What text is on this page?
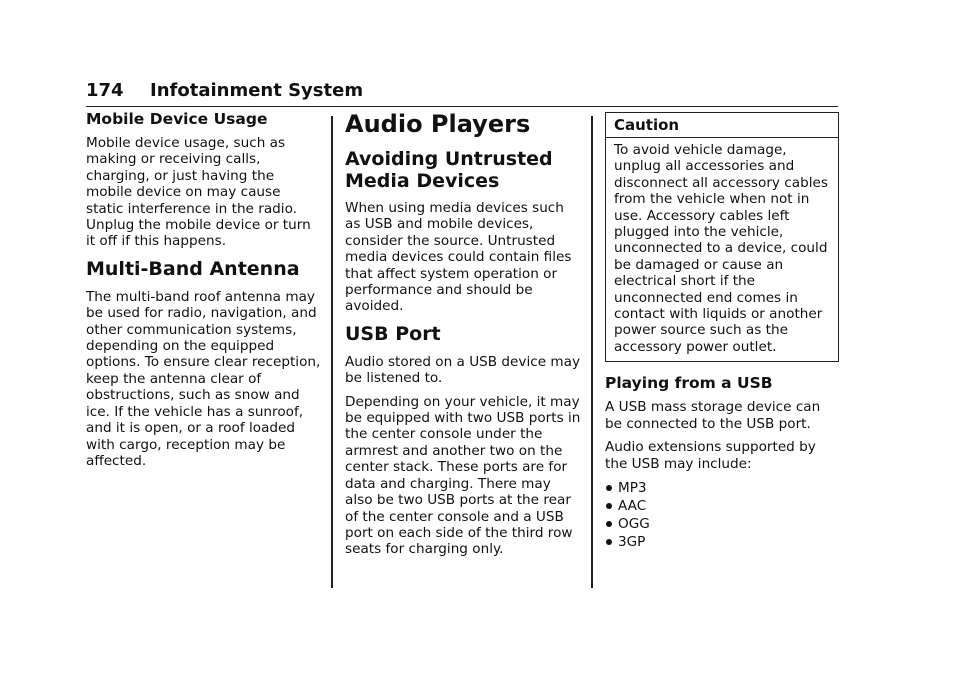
174 Infotainment System
Mobile Device Usage

Mobile device usage, such as making or receiving calls, charging, or just having the mobile device on may cause static interference in the radio. Unplug the mobile device or turn it off if this happens.

Multi-Band Antenna

The multi-band roof antenna may be used for radio, navigation, and other communication systems, depending on the equipped options. To ensure clear reception, keep the antenna clear of obstructions, such as snow and ice. If the vehicle has a sunroof, and it is open, or a roof loaded with cargo, reception may be affected.

Audio Players
Avoiding Untrusted
Media Devices

When using media devices such as USB and mobile devices, consider the source. Untrusted media devices could contain files that affect system operation or performance and should be avoided.

USB Port

Audio stored on a USB device may be listened to.

Depending on your vehicle, it may be equipped with two USB ports in the center console under the armrest and another two on the center stack. These ports are for data and charging. There may also be two USB ports at the rear of the center console and a USB port on each side of the third row seats for charging only.

Caution
To avoid vehicle damage, unplug all accessories and disconnect all accessory cables from the vehicle when not in use. Accessory cables left plugged into the vehicle, unconnected to a device, could be damaged or cause an electrical short if the unconnected end comes in contact with liquids or another power source such as the accessory power outlet.
Playing from a USB

A USB mass storage device can be connected to the USB port.

Audio extensions supported by the USB may include:

MP3
AAC
OGG
3GP
